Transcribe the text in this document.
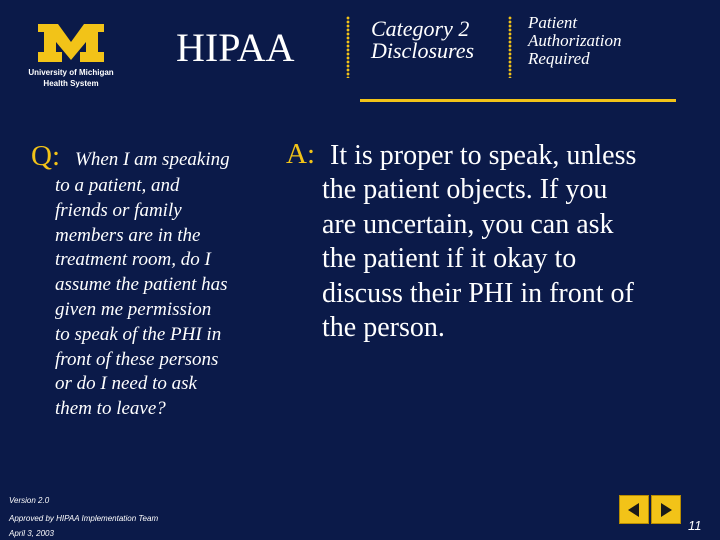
University of Michigan
Health System
HIPAA	Category 2
Disclosures
Patient
Authorization
Required
Q: When I am speaking

to a patient, and
friends or family
members are in the
treatment room, do I
assume the patient has
given me permission
to speak of the PHI in
front of these persons
or do I need to ask
them to leave?

A: It is proper to speak, unless

the patient objects. If you
are uncertain, you can ask
the patient if it okay to
discuss their PHI in front of
the person.

Version 2.0
Approved by HIPAA Implementation Team
April 3, 2003
11
